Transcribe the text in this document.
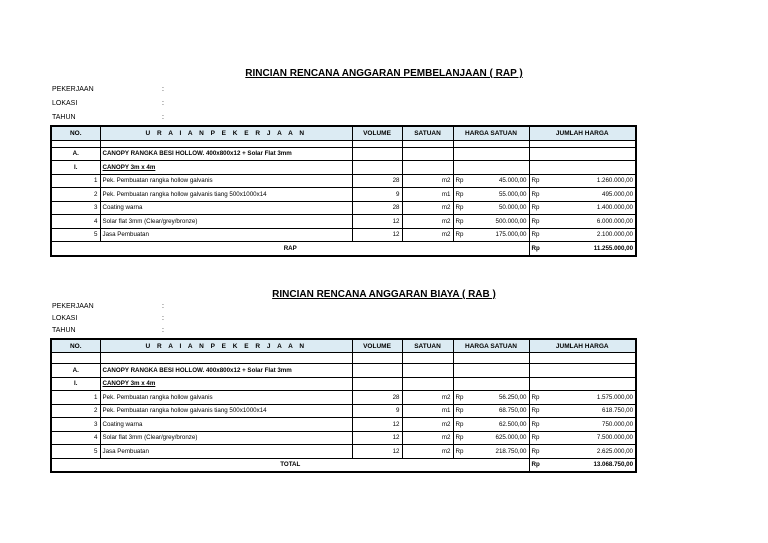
RINCIAN RENCANA ANGGARAN PEMBELANJAAN ( RAP )
PEKERJAAN	:
LOKASI	:
TAHUN	:
NO.	U R A I A N P E K E R J A A N	VOLUME	SATUAN	HARGA SATUAN		JUMLAH HARGA	

A.	CANOPY RANGKA BESI HOLLOW. 400x800x12 + Solar Flat 3mm						
I.	CANOPY 3m x 4m						
1	Pek. Pembuatan rangka hollow galvanis	28	m2	Rp	45.000,00	Rp	1.260.000,00
2	Pek. Pembuatan rangka hollow galvanis tiang 500x1000x14	9	m1	Rp	55.000,00	Rp	495.000,00
3	Coating warna	28	m2	Rp	50.000,00	Rp	1.400.000,00
4	Solar flat 3mm (Clear/grey/bronze)	12	m2	Rp	500.000,00	Rp	6.000.000,00
5	Jasa Pembuatan	12	m2	Rp	175.000,00	Rp	2.100.000,00
RAP						Rp	11.255.000,00
RINCIAN RENCANA ANGGARAN BIAYA ( RAB )
PEKERJAAN	:
LOKASI	:
TAHUN	:
NO.	U R A I A N P E K E R J A A N	VOLUME	SATUAN	HARGA SATUAN		JUMLAH HARGA	

A.	CANOPY RANGKA BESI HOLLOW. 400x800x12 + Solar Flat 3mm						
I.	CANOPY 3m x 4m						
1	Pek. Pembuatan rangka hollow galvanis	28	m2	Rp	56.250,00	Rp	1.575.000,00
2	Pek. Pembuatan rangka hollow galvanis tiang 500x1000x14	9	m1	Rp	68.750,00	Rp	618.750,00
3	Coating warna	12	m2	Rp	62.500,00	Rp	750.000,00
4	Solar flat 3mm (Clear/grey/bronze)	12	m2	Rp	625.000,00	Rp	7.500.000,00
5	Jasa Pembuatan	12	m2	Rp	218.750,00	Rp	2.625.000,00
TOTAL						Rp	13.068.750,00
